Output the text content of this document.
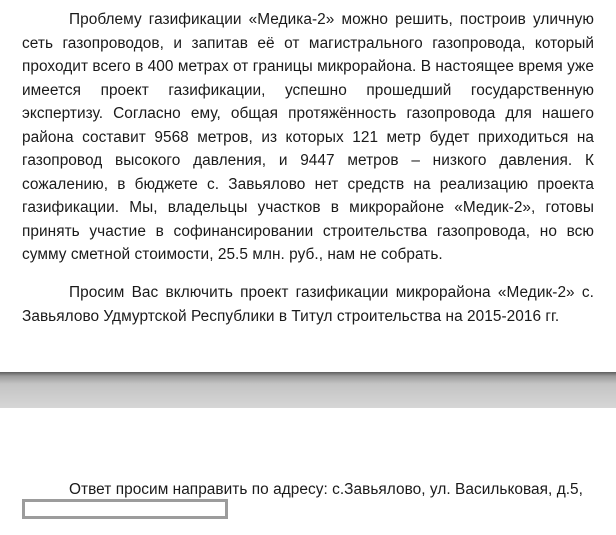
Проблему газификации «Медика-2» можно решить, построив уличную сеть газопроводов, и запитав её от магистрального газопровода, который проходит всего в 400 метрах от границы микрорайона. В настоящее время уже имеется проект газификации, успешно прошедший государственную экспертизу. Согласно ему, общая протяжённость газопровода для нашего района составит 9568 метров, из которых 121 метр будет приходиться на газопровод высокого давления, и 9447 метров – низкого давления. К сожалению, в бюджете с. Завьялово нет средств на реализацию проекта газификации. Мы, владельцы участков в микрорайоне «Медик-2», готовы принять участие в софинансировании строительства газопровода, но всю сумму сметной стоимости, 25.5 млн. руб., нам не собрать.

Просим Вас включить проект газификации микрорайона «Медик-2» с. Завьялово Удмуртской Республики в Титул строительства на 2015-2016 гг.

Ответ просим направить по адресу: с.Завьялово, ул. Васильковая, д.5,
